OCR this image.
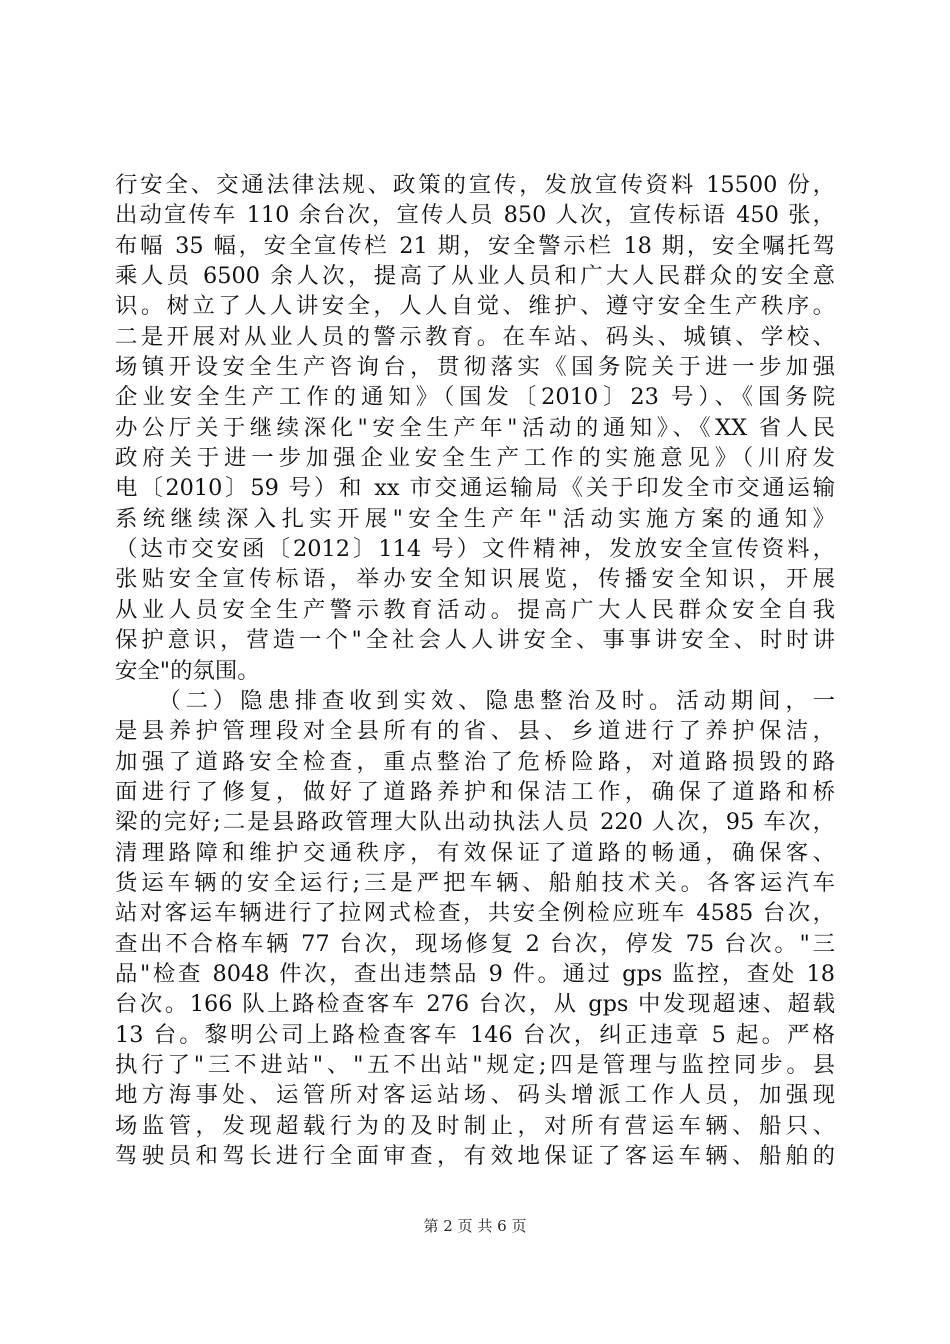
行安全、交通法律法规、政策的宣传，发放宣传资料 15500 份，

出动宣传车 110 余台次，宣传人员 850 人次，宣传标语 450 张，

布幅 35 幅，安全宣传栏 21 期，安全警示栏 18 期，安全嘱托驾

乘人员 6500 余人次，提高了从业人员和广大人民群众的安全意

识。树立了人人讲安全，人人自觉、维护、遵守安全生产秩序。

二是开展对从业人员的警示教育。在车站、码头、城镇、学校、

场镇开设安全生产咨询台，贯彻落实《国务院关于进一步加强

企业安全生产工作的通知》（国发〔2010〕23 号）、《国务院

办公厅关于继续深化"安全生产年"活动的通知》、《XX 省人民

政府关于进一步加强企业安全生产工作的实施意见》（川府发

电〔2010〕59 号）和 xx 市交通运输局《关于印发全市交通运输

系统继续深入扎实开展"安全生产年"活动实施方案的通知》

（达市交安函〔2012〕114 号）文件精神，发放安全宣传资料，

张贴安全宣传标语，举办安全知识展览，传播安全知识，开展

从业人员安全生产警示教育活动。提高广大人民群众安全自我

保护意识，营造一个"全社会人人讲安全、事事讲安全、时时讲

安全"的氛围。

　　（二）隐患排查收到实效、隐患整治及时。活动期间，一

是县养护管理段对全县所有的省、县、乡道进行了养护保洁，

加强了道路安全检查，重点整治了危桥险路，对道路损毁的路

面进行了修复，做好了道路养护和保洁工作，确保了道路和桥

梁的完好;二是县路政管理大队出动执法人员 220 人次，95 车次，

清理路障和维护交通秩序，有效保证了道路的畅通，确保客、

货运车辆的安全运行;三是严把车辆、船舶技术关。各客运汽车

站对客运车辆进行了拉网式检查，共安全例检应班车 4585 台次，

查出不合格车辆 77 台次，现场修复 2 台次，停发 75 台次。"三

品"检查 8048 件次，查出违禁品 9 件。通过 gps 监控，查处 18

台次。166 队上路检查客车 276 台次，从 gps 中发现超速、超载

13 台。黎明公司上路检查客车 146 台次，纠正违章 5 起。严格

执行了"三不进站"、"五不出站"规定;四是管理与监控同步。县

地方海事处、运管所对客运站场、码头增派工作人员，加强现

场监管，发现超载行为的及时制止，对所有营运车辆、船只、

驾驶员和驾长进行全面审查，有效地保证了客运车辆、船舶的

第 2 页 共 6 页
